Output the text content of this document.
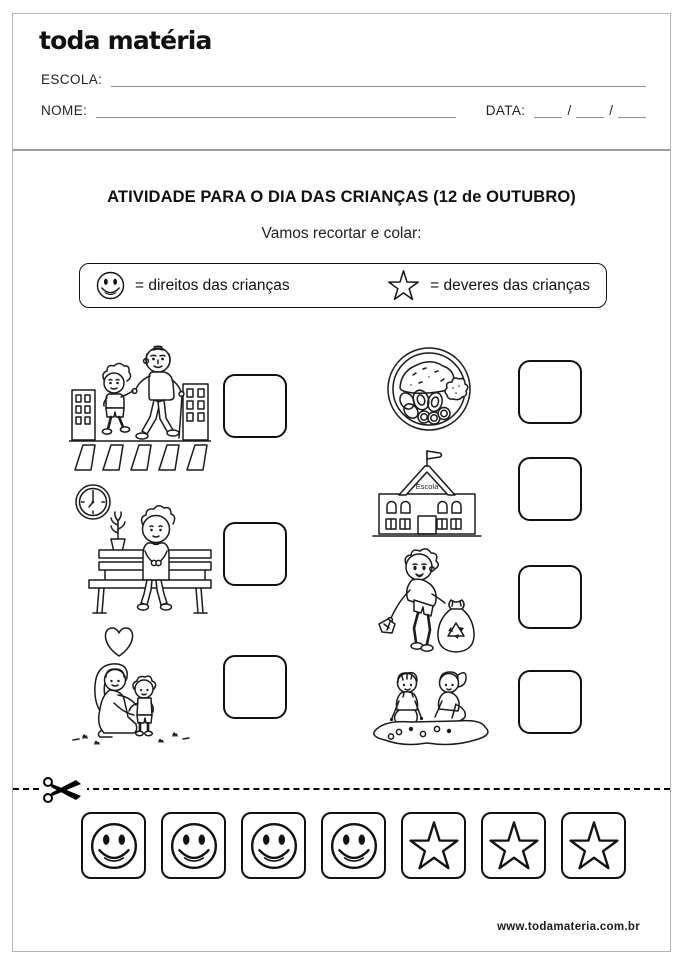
toda matéria
ESCOLA:
NOME:	DATA:	/	/
ATIVIDADE PARA O DIA DAS CRIANÇAS (12 de OUTUBRO)

Vamos recortar e colar:

= direitos das crianças	= deveres das crianças
Escola
www.todamateria.com.br
